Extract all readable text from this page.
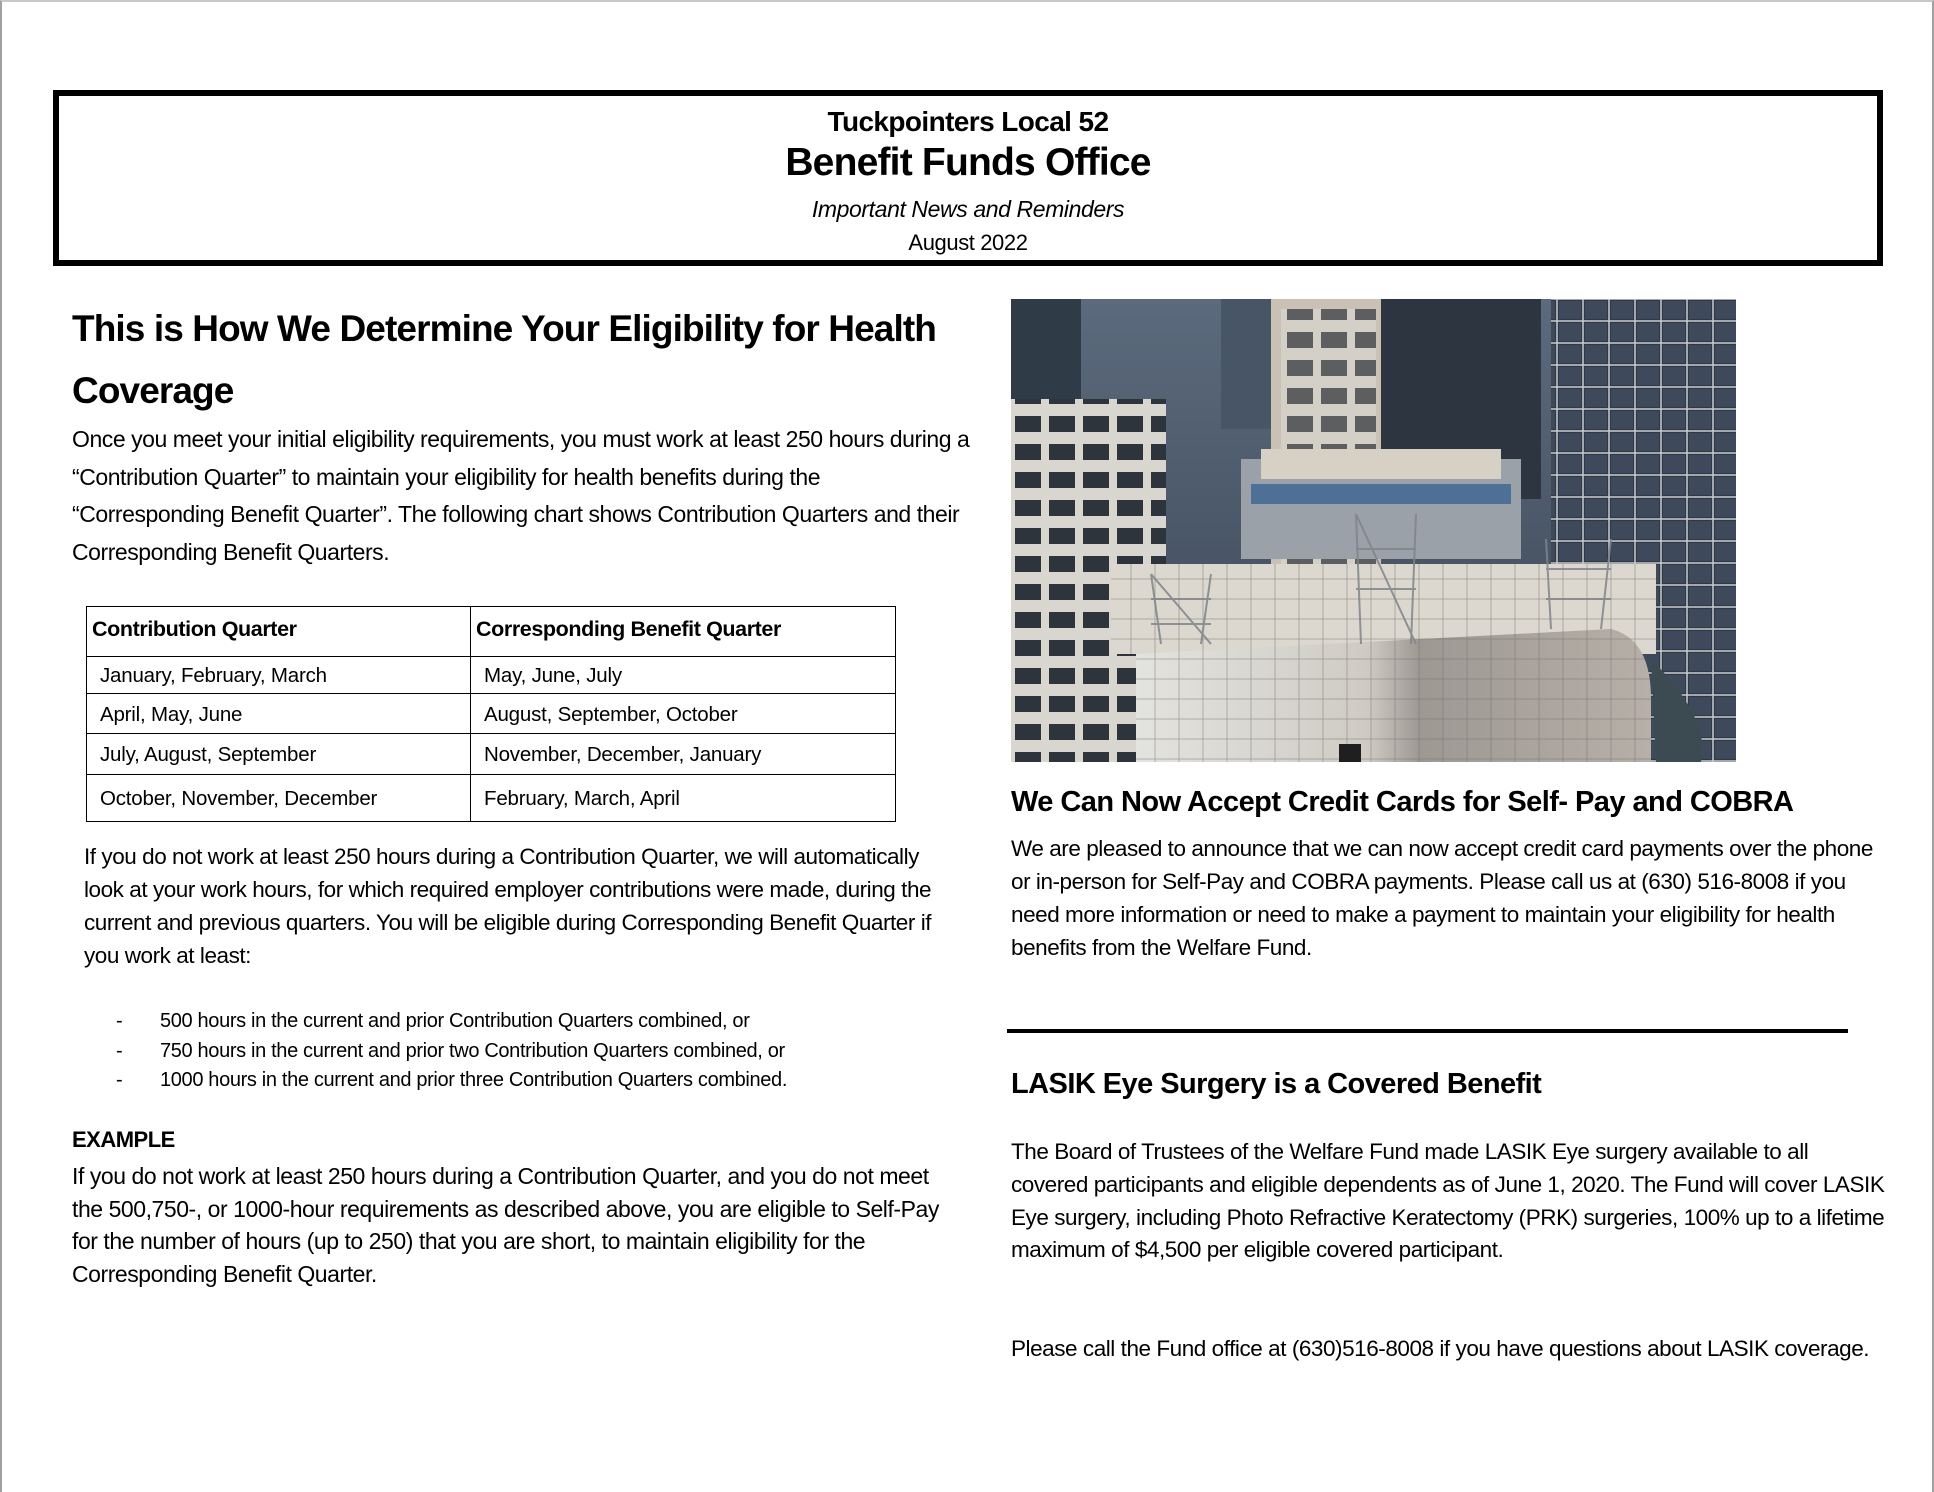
Tuckpointers Local 52
Benefit Funds Office
Important News and Reminders
August 2022
This is How We Determine Your Eligibility for Health Coverage

Once you meet your initial eligibility requirements, you must work at least 250 hours during a “Contribution Quarter” to maintain your eligibility for health benefits during the “Corresponding Benefit Quarter”. The following chart shows Contribution Quarters and their Corresponding Benefit Quarters.

Contribution Quarter	Corresponding Benefit Quarter
January, February, March	May, June, July
April, May, June	August, September, October
July, August, September	November, December, January
October, November, December	February, March, April

If you do not work at least 250 hours during a Contribution Quarter, we will automatically look at your work hours, for which required employer contributions were made, during the current and previous quarters. You will be eligible during Corresponding Benefit Quarter if you work at least:

- 500 hours in the current and prior Contribution Quarters combined, or
- 750 hours in the current and prior two Contribution Quarters combined, or
- 1000 hours in the current and prior three Contribution Quarters combined.
EXAMPLE

If you do not work at least 250 hours during a Contribution Quarter, and you do not meet the 500,750-, or 1000-hour requirements as described above, you are eligible to Self-Pay for the number of hours (up to 250) that you are short, to maintain eligibility for the Corresponding Benefit Quarter.

We Can Now Accept Credit Cards for Self- Pay and COBRA

We are pleased to announce that we can now accept credit card payments over the phone or in-person for Self-Pay and COBRA payments. Please call us at (630) 516-8008 if you need more information or need to make a payment to maintain your eligibility for health benefits from the Welfare Fund.

LASIK Eye Surgery is a Covered Benefit

The Board of Trustees of the Welfare Fund made LASIK Eye surgery available to all covered participants and eligible dependents as of June 1, 2020. The Fund will cover LASIK Eye surgery, including Photo Refractive Keratectomy (PRK) surgeries, 100% up to a lifetime maximum of $4,500 per eligible covered participant.

Please call the Fund office at (630)516-8008 if you have questions about LASIK coverage.
